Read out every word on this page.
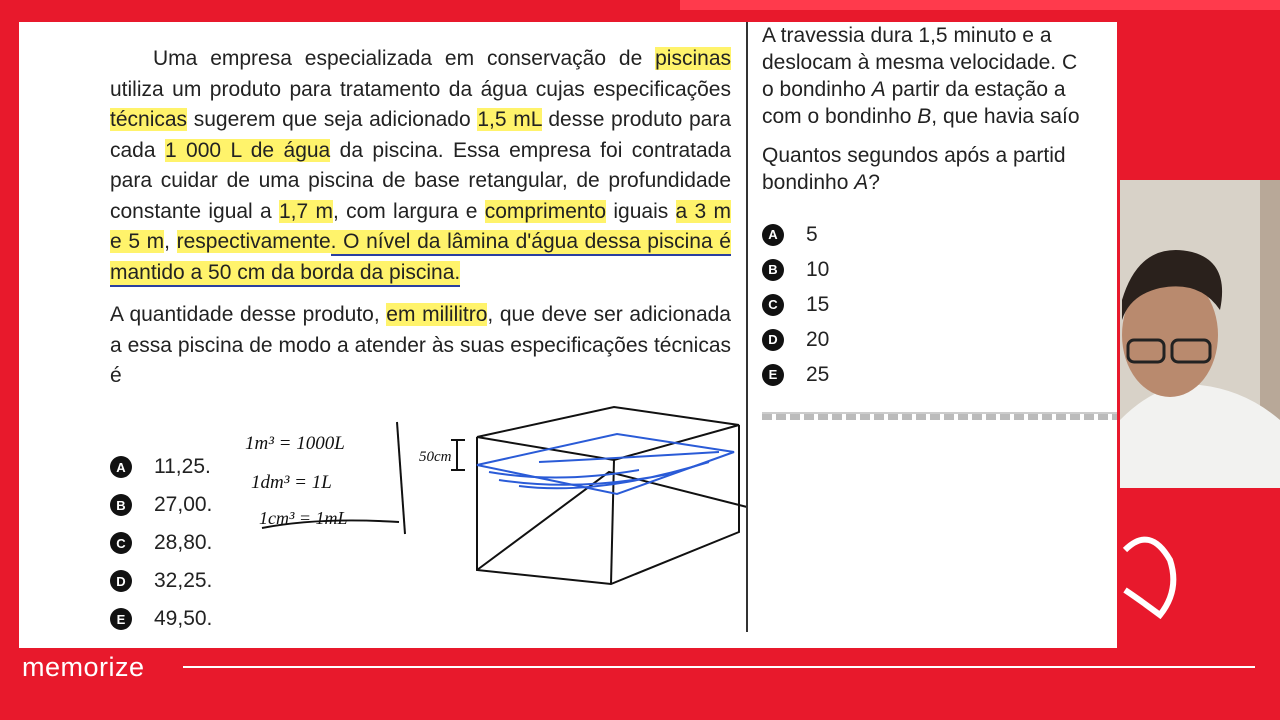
Uma empresa especializada em conservação de piscinas utiliza um produto para tratamento da água cujas especificações técnicas sugerem que seja adicionado 1,5 mL desse produto para cada 1 000 L de água da piscina. Essa empresa foi contratada para cuidar de uma piscina de base retangular, de profundidade constante igual a 1,7 m, com largura e comprimento iguais a 3 m e 5 m, respectivamente. O nível da lâmina d'água dessa piscina é mantido a 50 cm da borda da piscina.

A quantidade desse produto, em mililitro, que deve ser adicionada a essa piscina de modo a atender às suas especificações técnicas é

A	11,25.
B	27,00.
C	28,80.
D	32,25.
E	49,50.
1m³ = 1000L
1dm³ = 1L
1cm³ = 1mL
50cm

A travessia dura 1,5 minuto e a

deslocam à mesma velocidade. C

o bondinho A partir da estação a

com o bondinho B, que havia saío

Quantos segundos após a partid

bondinho A?

A	5
B	10
C	15
D	20
E	25
memorize
